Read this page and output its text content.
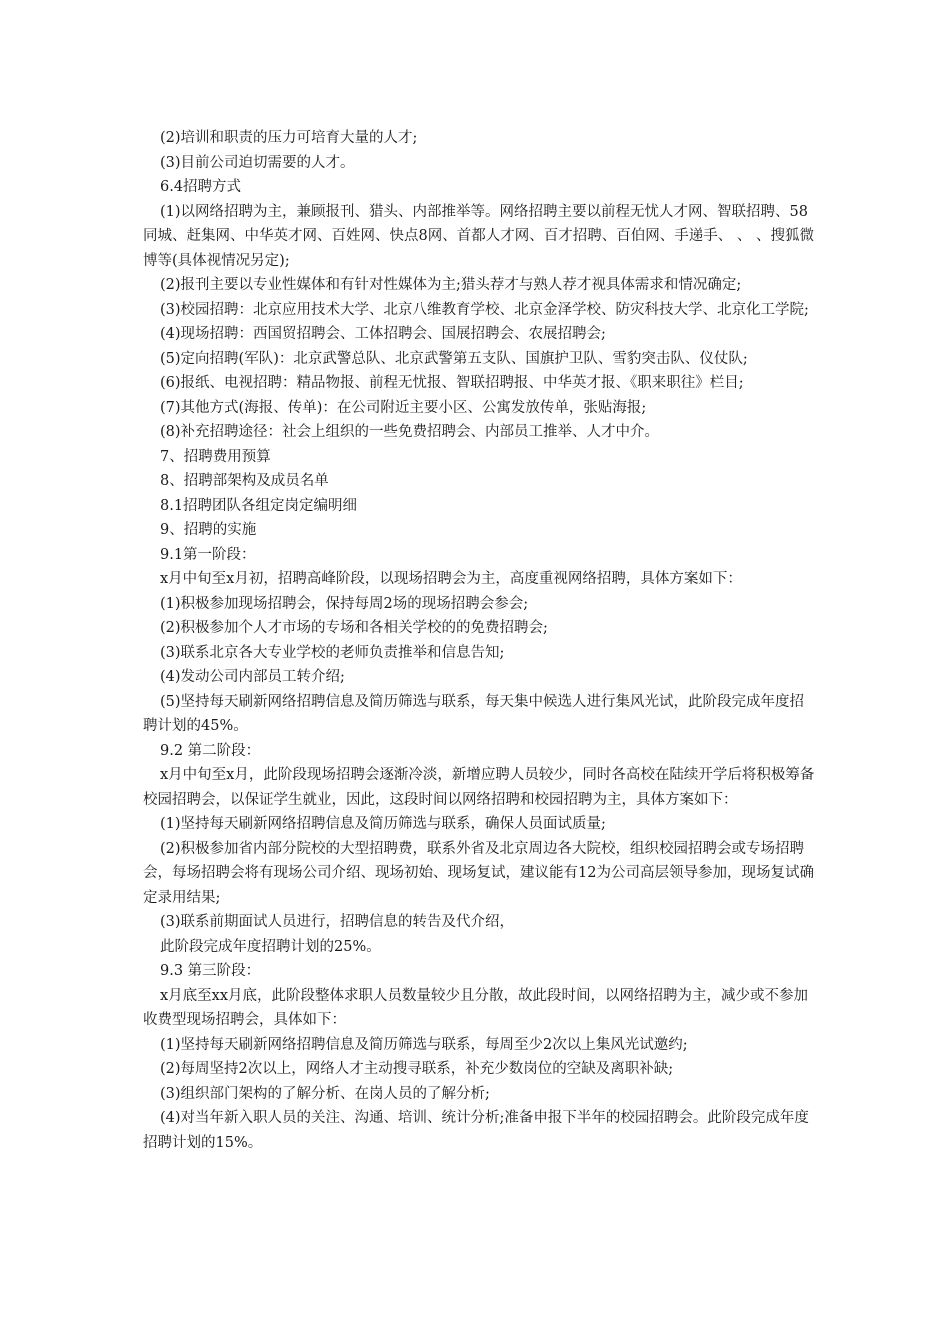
(2)培训和职责的压力可培育大量的人才;

(3)目前公司迫切需要的人才。

6.4招聘方式

(1)以网络招聘为主，兼顾报刊、猎头、内部推举等。网络招聘主要以前程无忧人才网、智联招聘、58同城、赶集网、中华英才网、百姓网、快点8网、首都人才网、百才招聘、百伯网、手递手、 、 、搜狐微博等(具体视情况另定);

(2)报刊主要以专业性媒体和有针对性媒体为主;猎头荐才与熟人荐才视具体需求和情况确定;

(3)校园招聘：北京应用技术大学、北京八维教育学校、北京金泽学校、防灾科技大学、北京化工学院;

(4)现场招聘：西国贸招聘会、工体招聘会、国展招聘会、农展招聘会;

(5)定向招聘(军队)：北京武警总队、北京武警第五支队、国旗护卫队、雪豹突击队、仪仗队;

(6)报纸、电视招聘：精品物报、前程无忧报、智联招聘报、中华英才报、《职来职往》栏目;

(7)其他方式(海报、传单)：在公司附近主要小区、公寓发放传单，张贴海报;

(8)补充招聘途径：社会上组织的一些免费招聘会、内部员工推举、人才中介。

7、招聘费用预算

8、招聘部架构及成员名单

8.1招聘团队各组定岗定编明细

9、招聘的实施

9.1第一阶段：

x月中旬至x月初，招聘高峰阶段，以现场招聘会为主，高度重视网络招聘，具体方案如下：

(1)积极参加现场招聘会，保持每周2场的现场招聘会参会;

(2)积极参加个人才市场的专场和各相关学校的的免费招聘会;

(3)联系北京各大专业学校的老师负责推举和信息告知;

(4)发动公司内部员工转介绍;

(5)坚持每天刷新网络招聘信息及简历筛选与联系，每天集中候选人进行集风光试，此阶段完成年度招聘计划的45%。

9.2 第二阶段：

x月中旬至x月，此阶段现场招聘会逐渐冷淡，新增应聘人员较少，同时各高校在陆续开学后将积极筹备校园招聘会，以保证学生就业，因此，这段时间以网络招聘和校园招聘为主，具体方案如下：

(1)坚持每天刷新网络招聘信息及简历筛选与联系，确保人员面试质量;

(2)积极参加省内部分院校的大型招聘费，联系外省及北京周边各大院校，组织校园招聘会或专场招聘会，每场招聘会将有现场公司介绍、现场初始、现场复试，建议能有12为公司高层领导参加，现场复试确定录用结果;

(3)联系前期面试人员进行，招聘信息的转告及代介绍，

此阶段完成年度招聘计划的25%。

9.3 第三阶段：

x月底至xx月底，此阶段整体求职人员数量较少且分散，故此段时间，以网络招聘为主，减少或不参加收费型现场招聘会，具体如下：

(1)坚持每天刷新网络招聘信息及简历筛选与联系，每周至少2次以上集风光试邀约;

(2)每周坚持2次以上，网络人才主动搜寻联系，补充少数岗位的空缺及离职补缺;

(3)组织部门架构的了解分析、在岗人员的了解分析;

(4)对当年新入职人员的关注、沟通、培训、统计分析;准备申报下半年的校园招聘会。此阶段完成年度招聘计划的15%。
